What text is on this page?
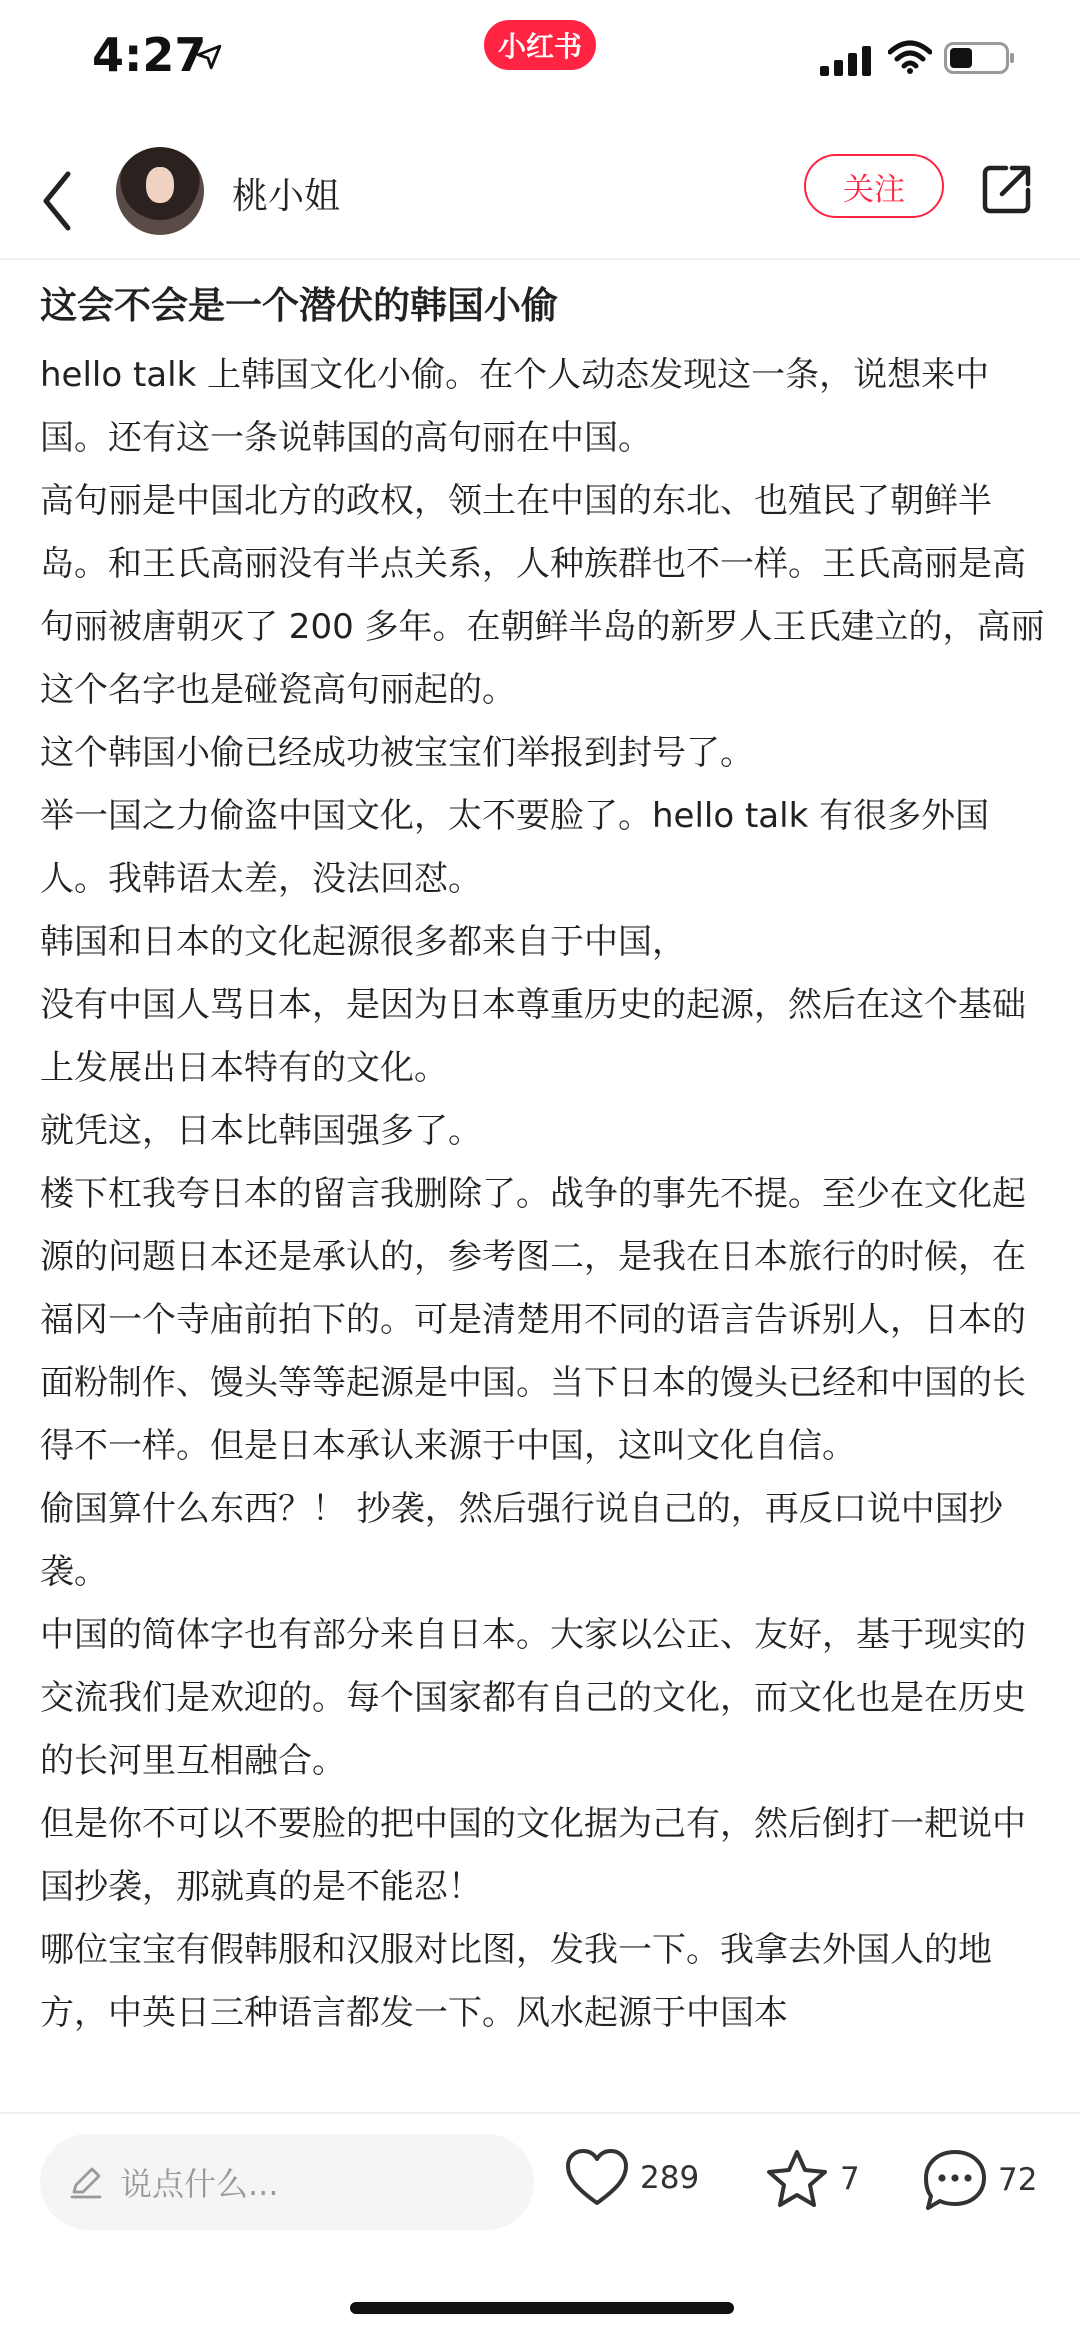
4:27	小红书
桃小姐	关注
这会不会是一个潜伏的韩国小偷

hello talk 上韩国文化小偷。在个人动态发现这一条，说想来中国。还有这一条说韩国的高句丽在中国。

高句丽是中国北方的政权，领土在中国的东北、也殖民了朝鲜半岛。和王氏高丽没有半点关系，人种族群也不一样。王氏高丽是高句丽被唐朝灭了 200 多年。在朝鲜半岛的新罗人王氏建立的，高丽这个名字也是碰瓷高句丽起的。

这个韩国小偷已经成功被宝宝们举报到封号了。

举一国之力偷盗中国文化，太不要脸了。hello talk 有很多外国人。我韩语太差，没法回怼。

韩国和日本的文化起源很多都来自于中国，

没有中国人骂日本，是因为日本尊重历史的起源，然后在这个基础上发展出日本特有的文化。

就凭这，日本比韩国强多了。

楼下杠我夸日本的留言我删除了。战争的事先不提。至少在文化起源的问题日本还是承认的，参考图二，是我在日本旅行的时候，在福冈一个寺庙前拍下的。可是清楚用不同的语言告诉别人，日本的面粉制作、馒头等等起源是中国。当下日本的馒头已经和中国的长得不一样。但是日本承认来源于中国，这叫文化自信。

偷国算什么东西？！ 抄袭，然后强行说自己的，再反口说中国抄袭。

中国的简体字也有部分来自日本。大家以公正、友好，基于现实的交流我们是欢迎的。每个国家都有自己的文化，而文化也是在历史的长河里互相融合。

但是你不可以不要脸的把中国的文化据为己有，然后倒打一耙说中国抄袭，那就真的是不能忍！

哪位宝宝有假韩服和汉服对比图，发我一下。我拿去外国人的地方，中英日三种语言都发一下。风水起源于中国本

说点什么...	289	7	72
